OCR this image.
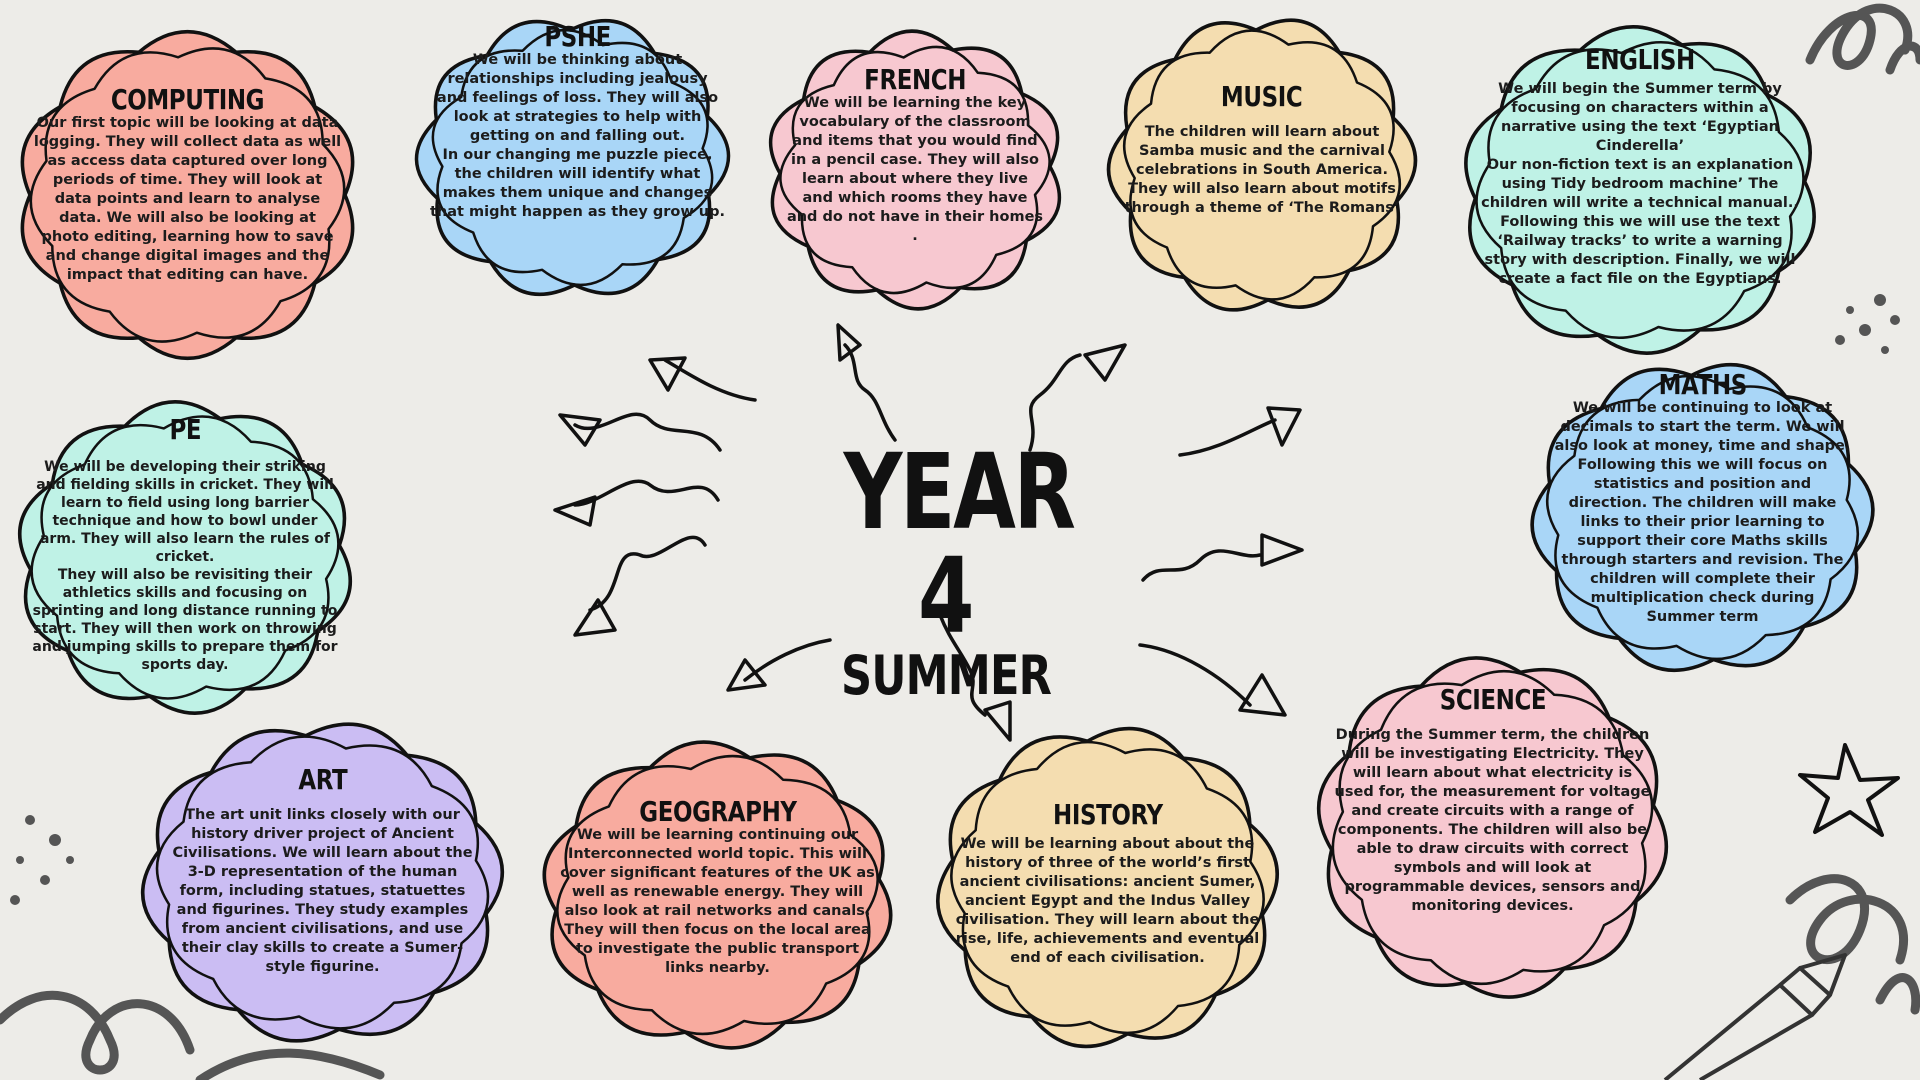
YEAR 4
SUMMER
COMPUTING

Our first topic will be looking at data
logging. They will collect data as well
as access data captured over long
periods of time. They will look at
data points and learn to analyse
data. We will also be looking at
photo editing, learning how to save
and change digital images and the
impact that editing can have.

PSHE

We will be thinking about
relationships including jealousy
and feelings of loss. They will also
look at strategies to help with
getting on and falling out.
In our changing me puzzle piece,
the children will identify what
makes them unique and changes
that might happen as they grow up.

FRENCH

We will be learning the key
vocabulary of the classroom
and items that you would find
in a pencil case. They will also
learn about where they live
and which rooms they have
and do not have in their homes
.

MUSIC

The children will learn about
Samba music and the carnival
celebrations in South America.
They will also learn about motifs
through a theme of ‘The Romans’

ENGLISH

We will begin the Summer term by
focusing on characters within a
narrative using the text ‘Egyptian
Cinderella’
Our non-fiction text is an explanation
using Tidy bedroom machine’ The
children will write a technical manual..
Following this we will use the text
‘Railway tracks’ to write a warning
story with description. Finally, we will
create a fact file on the Egyptians.

MATHS

We will be continuing to look at
decimals to start the term. We will
also look at money, time and shape.
Following this we will focus on
statistics and position and
direction. The children will make
links to their prior learning to
support their core Maths skills
through starters and revision. The
children will complete their
multiplication check during
Summer term

PE

We will be developing their striking
and fielding skills in cricket. They will
learn to field using long barrier
technique and how to bowl under
arm. They will also learn the rules of
cricket.
They will also be revisiting their
athletics skills and focusing on
sprinting and long distance running to
start. They will then work on throwing
and jumping skills to prepare them for
sports day.

ART

The art unit links closely with our
history driver project of Ancient
Civilisations. We will learn about the
3-D representation of the human
form, including statues, statuettes
and figurines. They study examples
from ancient civilisations, and use
their clay skills to create a Sumer-
style figurine.

GEOGRAPHY

We will be learning continuing our
Interconnected world topic. This will
cover significant features of the UK as
well as renewable energy. They will
also look at rail networks and canals.
They will then focus on the local area
to investigate the public transport
links nearby.

HISTORY

We will be learning about about the
history of three of the world’s first
ancient civilisations: ancient Sumer,
ancient Egypt and the Indus Valley
civilisation. They will learn about the
rise, life, achievements and eventual
end of each civilisation.

SCIENCE

During the Summer term, the children
will be investigating Electricity. They
will learn about what electricity is
used for, the measurement for voltage
and create circuits with a range of
components. The children will also be
able to draw circuits with correct
symbols and will look at
programmable devices, sensors and
monitoring devices.
